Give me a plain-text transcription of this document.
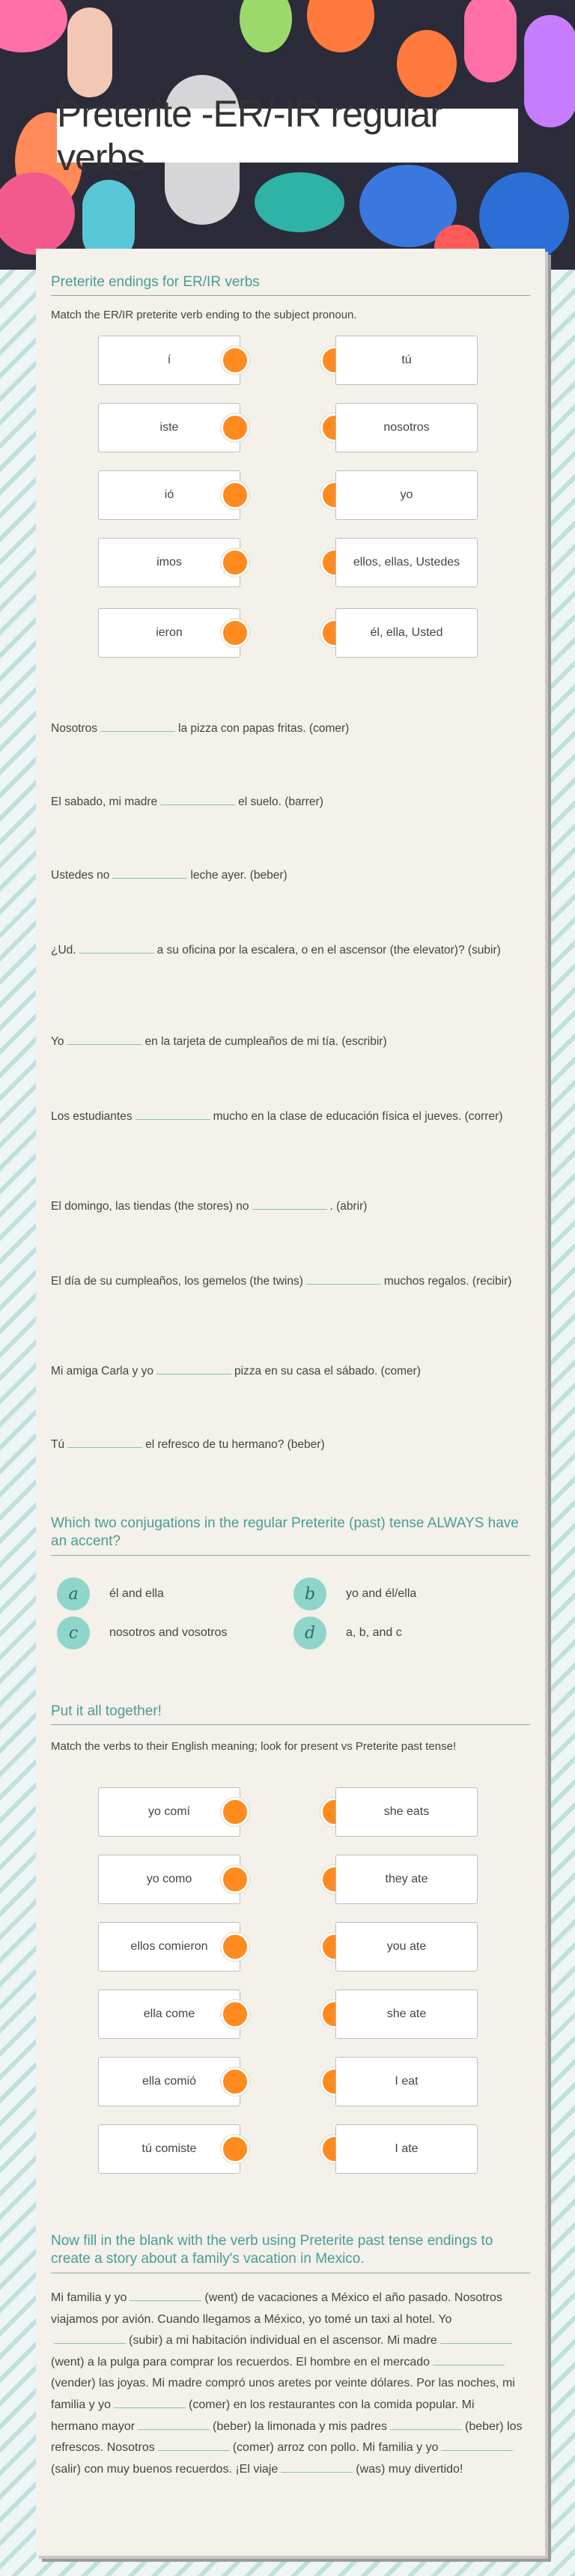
Preterite -ER/-IR regular verbs
Preterite endings for ER/IR verbs
Match the ER/IR preterite verb ending to the subject pronoun.
í	tú
iste	nosotros
ió	yo
imos	ellos, ellas, Ustedes
ieron	él, ella, Usted
Nosotros	la pizza con papas fritas. (comer)
El sabado, mi madre	el suelo. (barrer)
Ustedes no	leche ayer. (beber)
¿Ud.	a su oficina por la escalera, o en el ascensor (the elevator)? (subir)
Yo	en la tarjeta de cumpleaños de mi tía. (escribir)
Los estudiantes	mucho en la clase de educación física el jueves. (correr)
El domingo, las tiendas (the stores) no	. (abrir)
El día de su cumpleaños, los gemelos (the twins)	muchos regalos. (recibir)
Mi amiga Carla y yo	pizza en su casa el sábado. (comer)
Tú	el refresco de tu hermano? (beber)
Which two conjugations in the regular Preterite (past) tense ALWAYS have an accent?
a	él and ella	b	yo and él/ella
c	nosotros and vosotros	d	a, b, and c
Put it all together!
Match the verbs to their English meaning; look for present vs Preterite past tense!
yo comí	she eats
yo como	they ate
ellos comieron	you ate
ella come	she ate
ella comió	I eat
tú comiste	I ate
Now fill in the blank with the verb using Preterite past tense endings to create a story about a family's vacation in Mexico.
Mi familia y yo	(went) de vacaciones a México el año pasado. Nosotros viajamos por avión. Cuando llegamos a México, yo tomé un taxi al hotel. Yo(subir) a mi habitación individual en el ascensor. Mi madre(went) a la pulga para comprar los recuerdos. El hombre en el mercado(vender) las joyas. Mi madre compró unos aretes por veinte dólares. Por las noches, mi familia y yo	(comer) en los restaurantes con la comida popular. Mi hermano mayor	(beber) la limonada y mis padres	(beber) los refrescos. Nosotros	(comer) arroz con pollo. Mi familia y yo(salir) con muy buenos recuerdos. ¡El viaje	(was) muy divertido!
